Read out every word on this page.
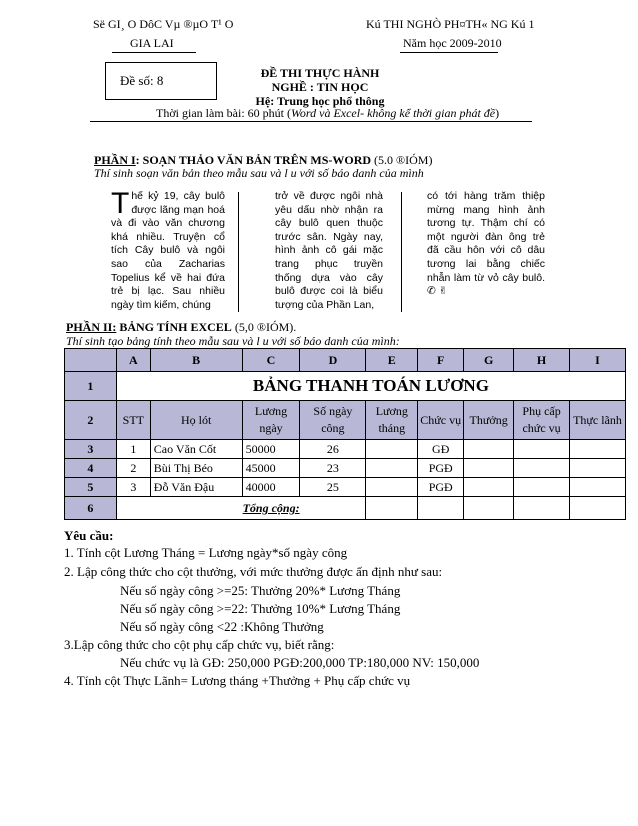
Së GI¸ O DôC Vµ ®µO T¹ O
GIA LAI
Kú THI NGHÒ PH¤TH« NG Kú 1
Năm học 2009-2010
Đề số: 8	ĐỀ THI THỰC HÀNH
NGHỀ : TIN HỌC
Hệ: Trung học phổ thông
Thời gian làm bài: 60 phút (Word và Excel- không kể thời gian phát đề)
PHẦN I: SOẠN THẢO VĂN BẢN TRÊN MS-WORD (5.0 ®IÓM)
Thí sinh soạn văn bản theo mẫu sau và l u với số báo danh của mình
Thế kỷ 19, cây bulô được lãng mạn hoá và đi vào văn chương khá nhiều. Truyện cổ tích Cây bulô và ngôi sao của Zacharias Topelius kể về hai đứa trẻ bị lạc. Sau nhiều ngày tìm kiếm, chúng
trở về được ngôi nhà yêu dấu nhờ nhận ra cây bulô quen thuộc trước sân. Ngày nay, hình ảnh cô gái mặc trang phục truyền thống dựa vào cây bulô được coi là biểu tượng của Phần Lan,
có tới hàng trăm thiệp mừng mang hình ảnh tương tự. Thậm chí có một người đàn ông trẻ đã cầu hôn với cô dâu tương lai bằng chiếc nhẫn làm từ vỏ cây bulô. ✆ ✌
PHẦN II: BẢNG TÍNH EXCEL (5,0 ®IÓM).
Thí sinh tạo bảng tính theo mẫu sau và l u với số báo danh của mình:
	A	B	C	D	E	F	G	H	I
1	BẢNG THANH TOÁN LƯƠNG								
2	STT	Họ lót	Lương ngày	Số ngày công	Lương tháng	Chức vụ	Thưởng	Phụ cấp chức vụ	Thực lãnh
3	1	Cao Văn Cốt	50000	26		GĐ			
4	2	Bùi Thị Béo	45000	23		PGĐ			
5	3	Đỗ Văn Đậu	40000	25		PGĐ			
6	Tổng cộng:								

Yêu cầu:

1. Tính cột Lương Tháng = Lương ngày*số ngày công

2. Lập công thức cho cột thưởng, với mức thưởng được ấn định như sau:

Nếu số ngày công >=25: Thưởng 20%* Lương Tháng

Nếu số ngày công >=22: Thưởng 10%* Lương Tháng

Nếu số ngày công <22 :Không Thưởng

3.Lập công thức cho cột phụ cấp chức vụ, biết rằng:

Nếu chức vụ là GĐ: 250,000 PGĐ:200,000 TP:180,000 NV: 150,000

4. Tính cột Thực Lãnh= Lương tháng +Thưởng + Phụ cấp chức vụ
